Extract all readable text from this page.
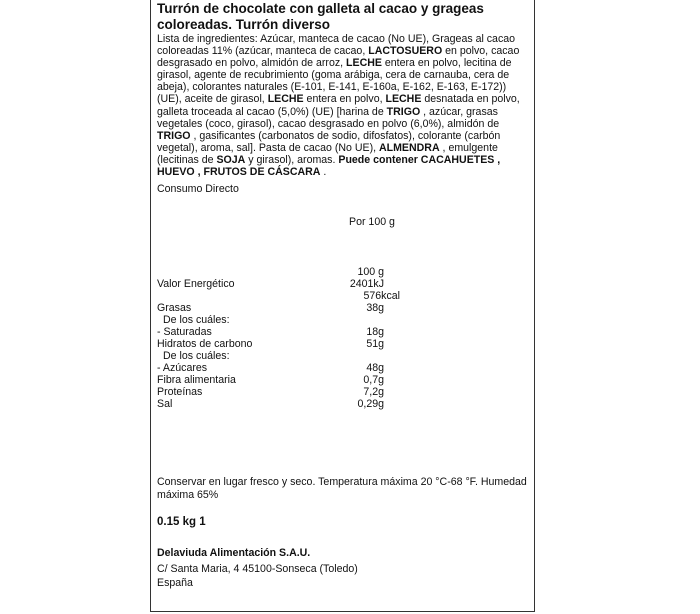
Turrón de chocolate con galleta al cacao y grageas coloreadas. Turrón diverso
Lista de ingredientes: Azúcar, manteca de cacao (No UE), Grageas al cacao coloreadas 11% (azúcar, manteca de cacao, LACTOSUERO en polvo, cacao desgrasado en polvo, almidón de arroz, LECHE entera en polvo, lecitina de girasol, agente de recubrimiento (goma arábiga, cera de carnauba, cera de abeja), colorantes naturales (E-101, E-141, E-160a, E-162, E-163, E-172)) (UE), aceite de girasol, LECHE entera en polvo, LECHE desnatada en polvo, galleta troceada al cacao (5,0%) (UE) [harina de TRIGO , azúcar, grasas vegetales (coco, girasol), cacao desgrasado en polvo (6,0%), almidón de TRIGO , gasificantes (carbonatos de sodio, difosfatos), colorante (carbón vegetal), aroma, sal]. Pasta de cacao (No UE), ALMENDRA , emulgente (lecitinas de SOJA y girasol), aromas. Puede contener CACAHUETES , HUEVO , FRUTOS DE CÁSCARA .
Consumo Directo
Por 100 g
100 g
Valor Energético	2401kJ
576kcal
Grasas	38g
De los cuáles:
- Saturadas	18g
Hidratos de carbono	51g
De los cuáles:
- Azúcares	48g
Fibra alimentaria	0,7g
Proteínas	7,2g
Sal	0,29g
Conservar en lugar fresco y seco. Temperatura máxima 20 °C-68 °F. Humedad máxima 65%
0.15 kg 1
Delaviuda Alimentación S.A.U.
C/ Santa Maria, 4 45100-Sonseca (Toledo)
España
